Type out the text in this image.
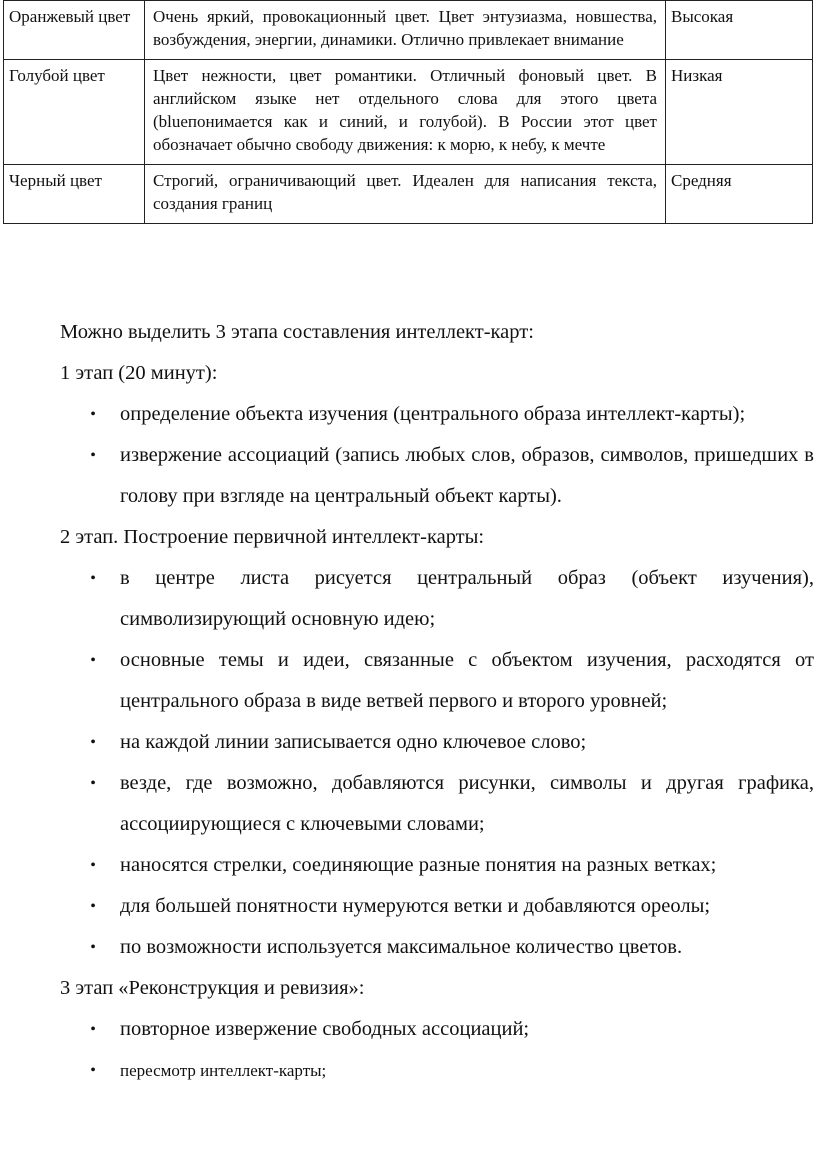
Оранжевый цвет	Очень яркий, провокационный цвет. Цвет энтузиазма, новшества, возбуждения, энергии, динамики. Отлично привлекает внимание	Высокая
Голубой цвет	Цвет нежности, цвет романтики. Отличный фоновый цвет. В английском языке нет отдельного слова для этого цвета (blueпонимается как и синий, и голубой). В России этот цвет обозначает обычно свободу движения: к морю, к небу, к мечте	Низкая
Черный цвет	Строгий, ограничивающий цвет. Идеален для написания текста, создания границ	Средняя

Можно выделить 3 этапа составления интеллект-карт:

1 этап (20 минут):

• определение объекта изучения (центрального образа интеллект-карты);
• извержение ассоциаций (запись любых слов, образов, символов, пришедших в голову при взгляде на центральный объект карты).

2 этап. Построение первичной интеллект-карты:

• в центре листа рисуется центральный образ (объект изучения), символизирующий основную идею;
• основные темы и идеи, связанные с объектом изучения, расходятся от центрального образа в виде ветвей первого и второго уровней;
• на каждой линии записывается одно ключевое слово;
• везде, где возможно, добавляются рисунки, символы и другая графика, ассоциирующиеся с ключевыми словами;
• наносятся стрелки, соединяющие разные понятия на разных ветках;
• для большей понятности нумеруются ветки и добавляются ореолы;
• по возможности используется максимальное количество цветов.

3 этап «Реконструкция и ревизия»:

• повторное извержение свободных ассоциаций;
• пересмотр интеллект-карты;
